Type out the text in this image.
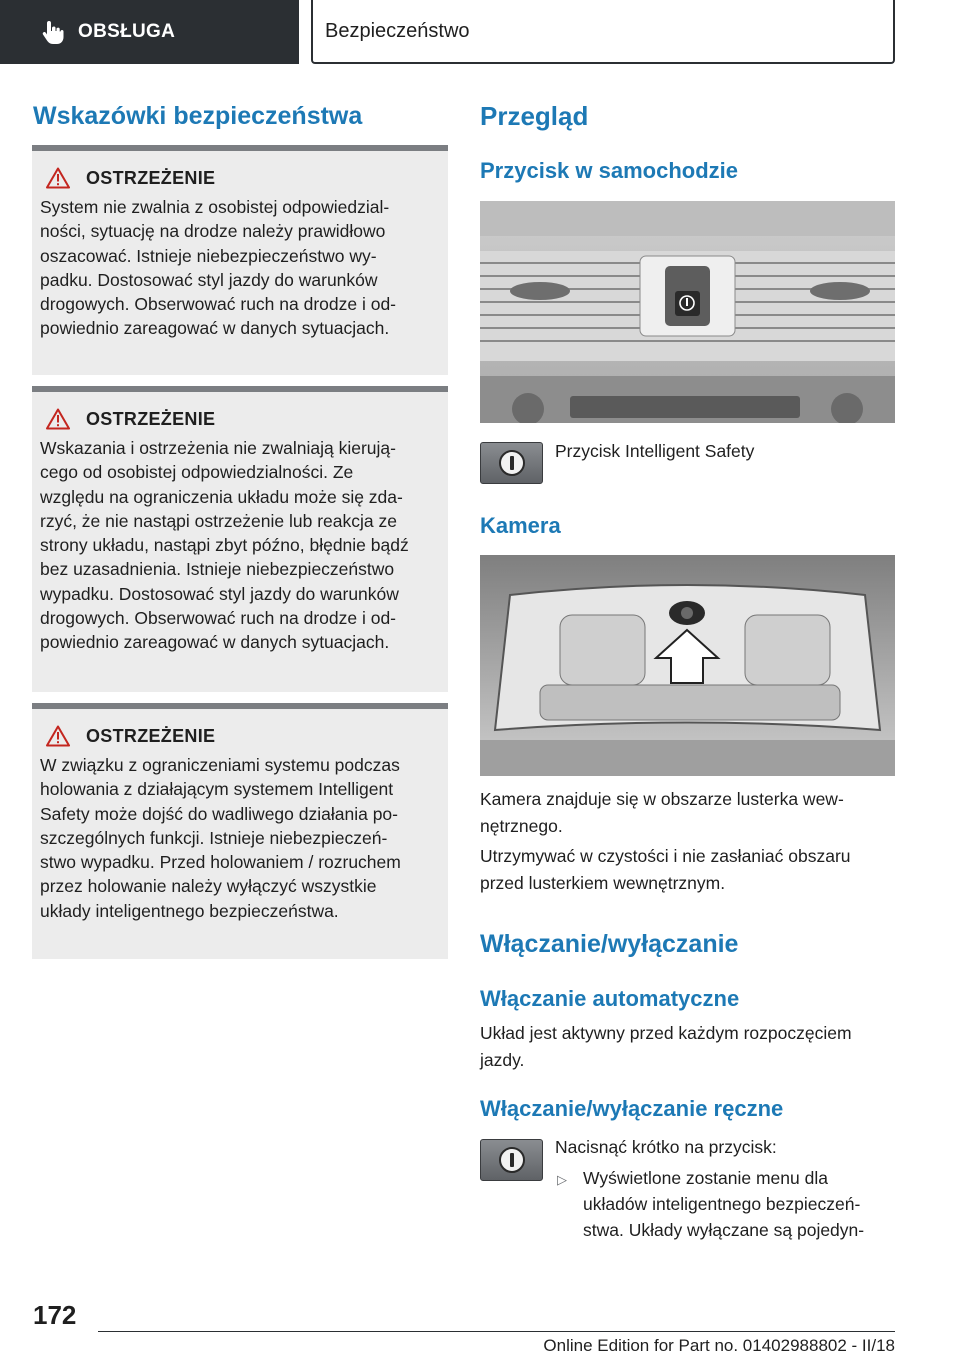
OBSŁUGA	Bezpieczeństwo
Wskazówki bezpieczeństwa
OSTRZEŻENIE
System nie zwalnia z osobistej odpowiedzial-
ności, sytuację na drodze należy prawidłowo
oszacować. Istnieje niebezpieczeństwo wy-
padku. Dostosować styl jazdy do warunków
drogowych. Obserwować ruch na drodze i od-
powiednio zareagować w danych sytuacjach.
OSTRZEŻENIE
Wskazania i ostrzeżenia nie zwalniają kierują-
cego od osobistej odpowiedzialności. Ze
względu na ograniczenia układu może się zda-
rzyć, że nie nastąpi ostrzeżenie lub reakcja ze
strony układu, nastąpi zbyt późno, błędnie bądź
bez uzasadnienia. Istnieje niebezpieczeństwo
wypadku. Dostosować styl jazdy do warunków
drogowych. Obserwować ruch na drodze i od-
powiednio zareagować w danych sytuacjach.
OSTRZEŻENIE
W związku z ograniczeniami systemu podczas
holowania z działającym systemem Intelligent
Safety może dojść do wadliwego działania po-
szczególnych funkcji. Istnieje niebezpieczeń-
stwo wypadku. Przed holowaniem / rozruchem
przez holowanie należy wyłączyć wszystkie
układy inteligentnego bezpieczeństwa.
Przegląd
Przycisk w samochodzie
Przycisk Intelligent Safety
Kamera
Kamera znajduje się w obszarze lusterka wew-
nętrznego.
Utrzymywać w czystości i nie zasłaniać obszaru
przed lusterkiem wewnętrznym.
Włączanie/wyłączanie
Włączanie automatyczne
Układ jest aktywny przed każdym rozpoczęciem
jazdy.
Włączanie/wyłączanie ręczne
Nacisnąć krótko na przycisk:
▷ Wyświetlone zostanie menu dla
układów inteligentnego bezpieczeń-
stwa. Układy wyłączane są pojedyn-
172
Online Edition for Part no. 01402988802 - II/18
